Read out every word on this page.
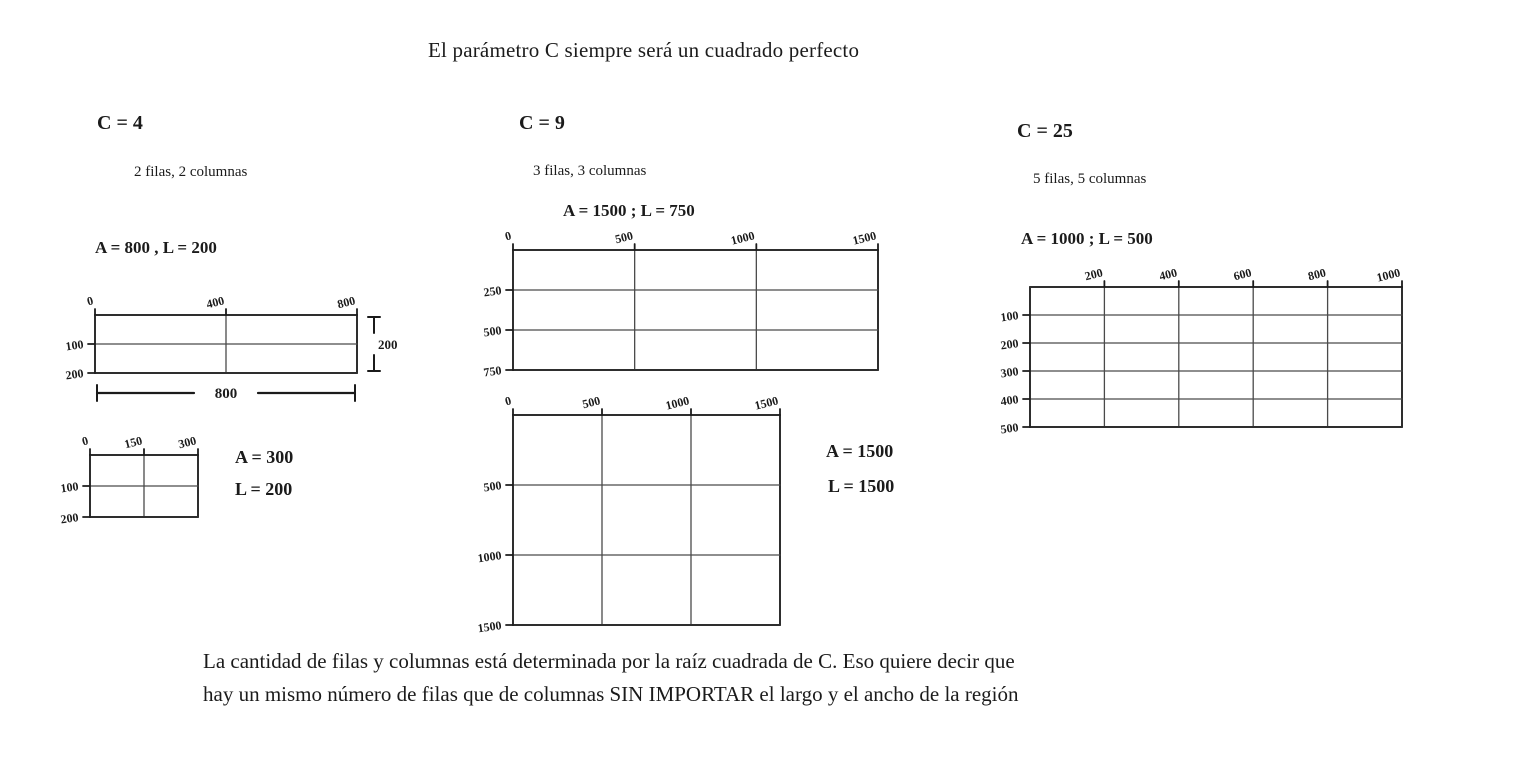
El parámetro C siempre será un cuadrado perfecto
C = 4
2 filas, 2 columnas
A = 800 , L = 200
0	400	800
100
200
200
800
0	150	300
100
200
A = 300
L = 200
C = 9
3 filas, 3 columnas
A = 1500 ; L = 750
0	500	1000	1500
250
500
750
0	500	1000	1500
500
1000
1500
A = 1500
L = 1500
C = 25
5 filas, 5 columnas
A = 1000 ; L = 500
200	400	600	800	1000
100
200
300
400
500
La cantidad de filas y columnas está determinada por la raíz cuadrada de C. Eso quiere decir que
hay un mismo número de filas que de columnas SIN IMPORTAR el largo y el ancho de la región
